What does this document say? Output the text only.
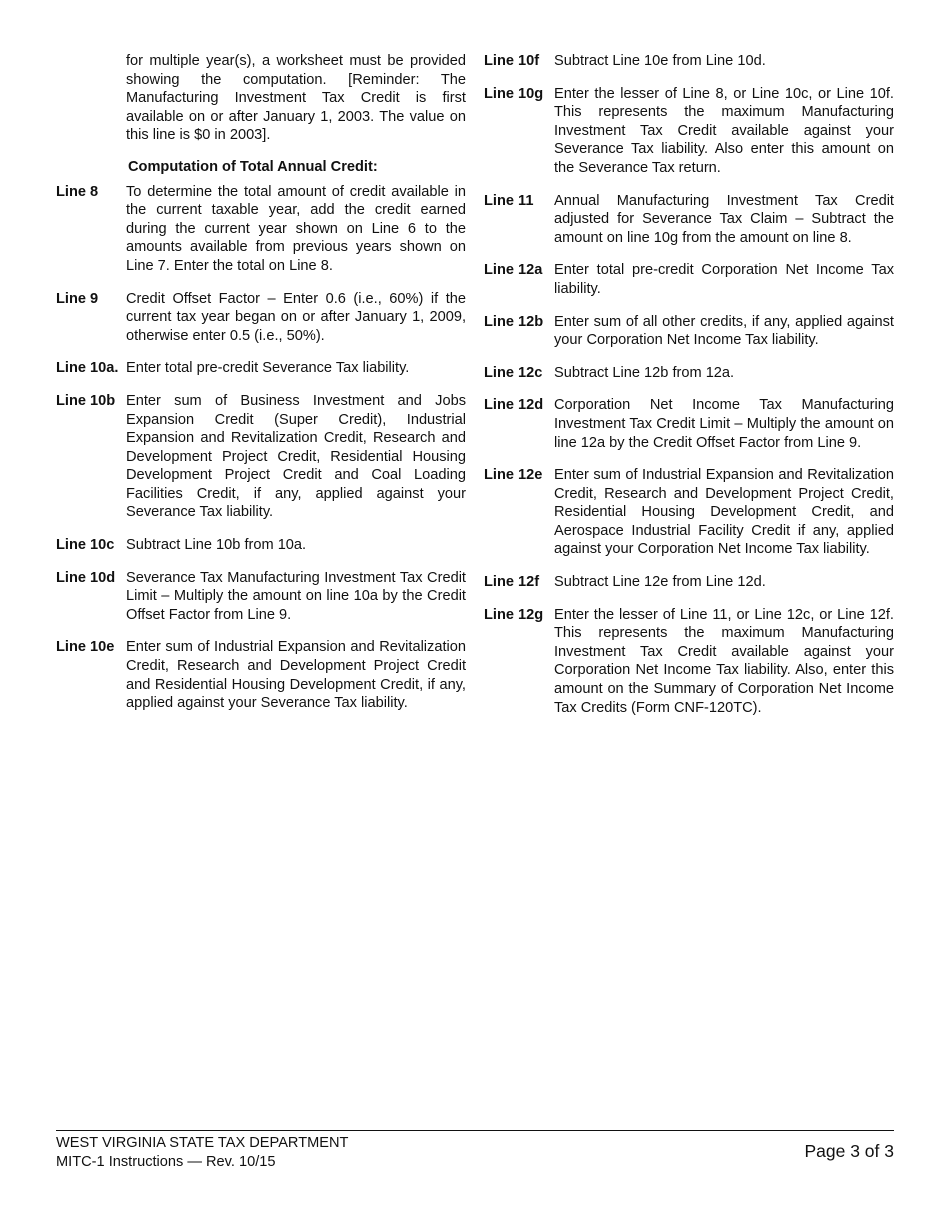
for multiple year(s), a worksheet must be provided showing the computation. [Reminder: The Manufacturing Investment Tax Credit is first available on or after January 1, 2003. The value on this line is $0 in 2003].
Computation of Total Annual Credit:
Line 8	To determine the total amount of credit available in the current taxable year, add the credit earned during the current year shown on Line 6 to the amounts available from previous years shown on Line 7. Enter the total on Line 8.
Line 9	Credit Offset Factor – Enter 0.6 (i.e., 60%) if the current tax year began on or after January 1, 2009, otherwise enter 0.5 (i.e., 50%).
Line 10a. Enter total pre-credit Severance Tax liability.
Line 10b Enter sum of Business Investment and Jobs Expansion Credit (Super Credit), Industrial Expansion and Revitalization Credit, Research and Development Project Credit, Residential Housing Development Project Credit and Coal Loading Facilities Credit, if any, applied against your Severance Tax liability.
Line 10c Subtract Line 10b from 10a.
Line 10d Severance Tax Manufacturing Investment Tax Credit Limit – Multiply the amount on line 10a by the Credit Offset Factor from Line 9.
Line 10e Enter sum of Industrial Expansion and Revitalization Credit, Research and Development Project Credit and Residential Housing Development Credit, if any, applied against your Severance Tax liability.
Line 10f	Subtract Line 10e from Line 10d.
Line 10g Enter the lesser of Line 8, or Line 10c, or Line 10f. This represents the maximum Manufacturing Investment Tax Credit available against your Severance Tax liability. Also enter this amount on the Severance Tax return.
Line 11	Annual Manufacturing Investment Tax Credit adjusted for Severance Tax Claim – Subtract the amount on line 10g from the amount on line 8.
Line 12a Enter total pre-credit Corporation Net Income Tax liability.
Line 12b Enter sum of all other credits, if any, applied against your Corporation Net Income Tax liability.
Line 12c Subtract Line 12b from 12a.
Line 12d Corporation Net Income Tax Manufacturing Investment Tax Credit Limit – Multiply the amount on line 12a by the Credit Offset Factor from Line 9.
Line 12e Enter sum of Industrial Expansion and Revitalization Credit, Research and Development Project Credit, Residential Housing Development Credit, and Aerospace Industrial Facility Credit if any, applied against your Corporation Net Income Tax liability.
Line 12f	Subtract Line 12e from Line 12d.
Line 12g Enter the lesser of Line 11, or Line 12c, or Line 12f. This represents the maximum Manufacturing Investment Tax Credit available against your Corporation Net Income Tax liability. Also, enter this amount on the Summary of Corporation Net Income Tax Credits (Form CNF-120TC).
WEST VIRGINIA STATE TAX DEPARTMENT
MITC-1 Instructions — Rev. 10/15
Page 3 of 3
